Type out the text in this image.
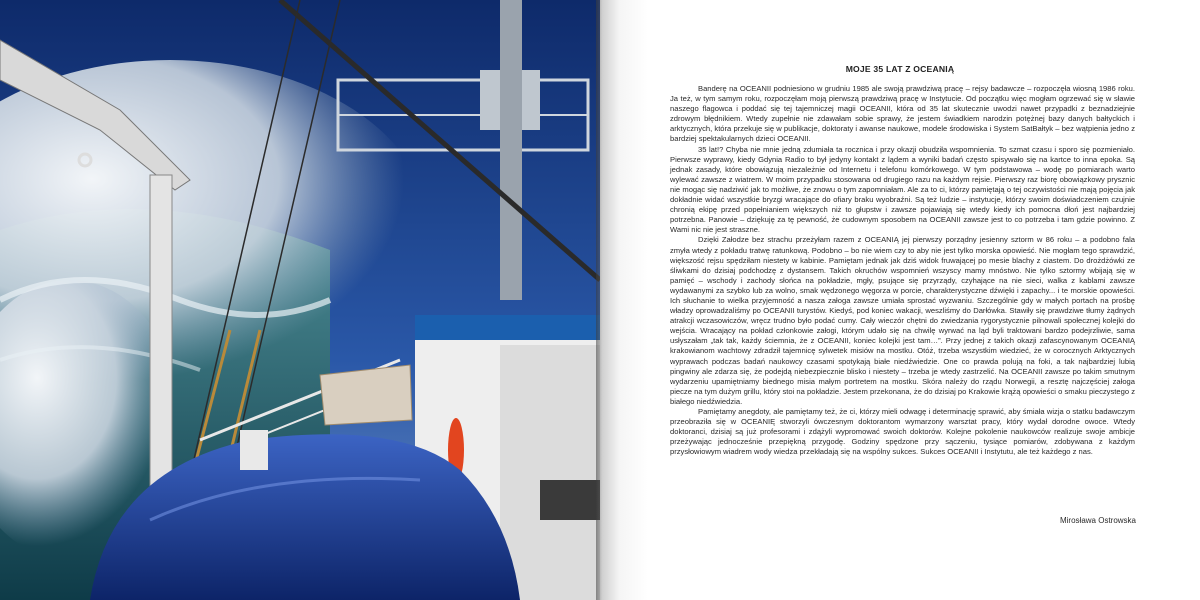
MOJE 35 LAT Z OCEANIĄ

Banderę na OCEANII podniesiono w grudniu 1985 ale swoją prawdziwą pracę – rejsy badawcze – rozpoczęła wiosną 1986 roku. Ja też, w tym samym roku, rozpoczęłam moją pierwszą prawdziwą pracę w Instytucie. Od początku więc mogłam ogrzewać się w sławie naszego flagowca i poddać się tej tajemniczej magii OCEANII, która od 35 lat skutecznie uwodzi nawet przypadki z beznadziejnie zdrowym błędnikiem. Wtedy zupełnie nie zdawałam sobie sprawy, że jestem świadkiem narodzin potężnej bazy danych bałtyckich i arktycznych, która przekuje się w publikacje, doktoraty i awanse naukowe, modele środowiska i System SatBałtyk – bez wątpienia jedno z bardziej spektakularnych dzieci OCEANII.

35 lat!? Chyba nie mnie jedną zdumiała ta rocznica i przy okazji obudziła wspomnienia. To szmat czasu i sporo się pozmieniało. Pierwsze wyprawy, kiedy Gdynia Radio to był jedyny kontakt z lądem a wyniki badań często spisywało się na kartce to inna epoka. Są jednak zasady, które obowiązują niezależnie od Internetu i telefonu komórkowego. W tym podstawowa – wodę po pomiarach warto wylewać zawsze z wiatrem. W moim przypadku stosowana od drugiego razu na każdym rejsie. Pierwszy raz biorę obowiązkowy prysznic nie mogąc się nadziwić jak to możliwe, że znowu o tym zapomniałam. Ale za to ci, którzy pamiętają o tej oczywistości nie mają pojęcia jak dokładnie widać wszystkie bryzgi wracające do ofiary braku wyobraźni. Są też ludzie – instytucje, którzy swoim doświadczeniem czujnie chronią ekipę przed popełnianiem większych niż to głupstw i zawsze pojawiają się wtedy kiedy ich pomocna dłoń jest najbardziej potrzebna. Panowie – dziękuję za tę pewność, że cudownym sposobem na OCEANII zawsze jest to co potrzeba i tam gdzie powinno. Z Wami nic nie jest straszne.

Dzięki Załodze bez strachu przeżyłam razem z OCEANIĄ jej pierwszy porządny jesienny sztorm w 86 roku – a podobno fala zmyła wtedy z pokładu tratwę ratunkową. Podobno – bo nie wiem czy to aby nie jest tylko morska opowieść. Nie mogłam tego sprawdzić, większość rejsu spędziłam niestety w kabinie. Pamiętam jednak jak dziś widok fruwającej po mesie blachy z ciastem. Do drożdżówki ze śliwkami do dzisiaj podchodzę z dystansem. Takich okruchów wspomnień wszyscy mamy mnóstwo. Nie tylko sztormy wbijają się w pamięć – wschody i zachody słońca na pokładzie, mgły, psujące się przyrządy, czyhające na nie sieci, walka z kablami zawsze wydawanymi za szybko lub za wolno, smak wędzonego węgorza w porcie, charakterystyczne dźwięki i zapachy... i te morskie opowieści. Ich słuchanie to wielka przyjemność a nasza załoga zawsze umiała sprostać wyzwaniu. Szczególnie gdy w małych portach na prośbę władzy oprowadzaliśmy po OCEANII turystów. Kiedyś, pod koniec wakacji, weszliśmy do Darłówka. Stawiły się prawdziwe tłumy żądnych atrakcji wczasowiczów, wręcz trudno było podać cumy. Cały wieczór chętni do zwiedzania rygorystycznie pilnowali społecznej kolejki do wejścia. Wracający na pokład członkowie załogi, którym udało się na chwilę wyrwać na ląd byli traktowani bardzo podejrzliwie, sama usłyszałam „tak tak, każdy ściemnia, że z OCEANII, koniec kolejki jest tam…”. Przy jednej z takich okazji zafascynowanym OCEANIĄ krakowianom wachtowy zdradził tajemnicę sylwetek misiów na mostku. Otóż, trzeba wszystkim wiedzieć, że w corocznych Arktycznych wyprawach podczas badań naukowcy czasami spotykają białe niedźwiedzie. One co prawda polują na foki, a tak najbardziej lubią pingwiny ale zdarza się, że podejdą niebezpiecznie blisko i niestety – trzeba je wtedy zastrzelić. Na OCEANII zawsze po takim smutnym wydarzeniu upamiętniamy biednego misia małym portretem na mostku. Skóra należy do rządu Norwegii, a resztę najczęściej załoga piecze na tym dużym grillu, który stoi na pokładzie. Jestem przekonana, że do dzisiaj po Krakowie krążą opowieści o smaku pieczystego z białego niedźwiedzia.

Pamiętamy anegdoty, ale pamiętamy też, że ci, którzy mieli odwagę i determinację sprawić, aby śmiała wizja o statku badawczym przeobraziła się w OCEANIĘ stworzyli ówczesnym doktorantom wymarzony warsztat pracy, który wydał dorodne owoce. Wtedy doktoranci, dzisiaj są już profesorami i zdążyli wypromować swoich doktorów. Kolejne pokolenie naukowców realizuje swoje ambicje przeżywając jednocześnie przepiękną przygodę. Godziny spędzone przy sączeniu, tysiące pomiarów, zdobywana z każdym przysłowiowym wiadrem wody wiedza przekładają się na wspólny sukces. Sukces OCEANII i Instytutu, ale też każdego z nas.

Mirosława Ostrowska
